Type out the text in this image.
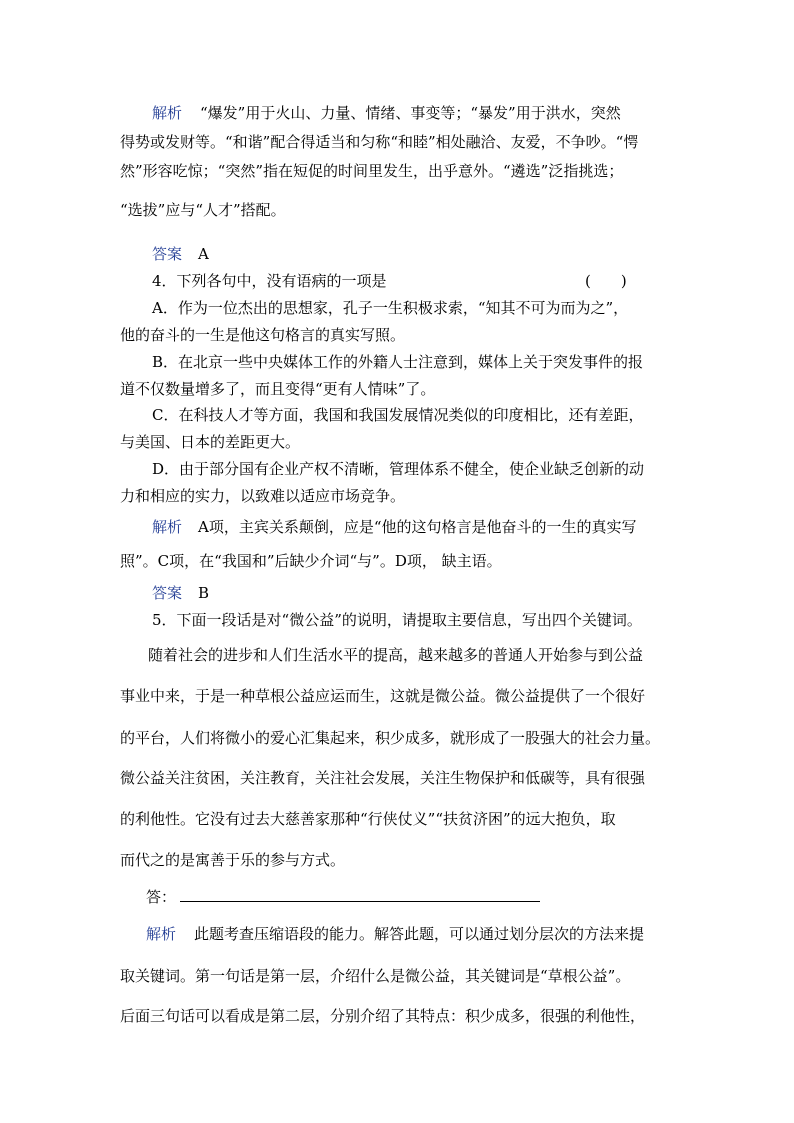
解析 “爆发”用于火山、力量、情绪、事变等；“暴发”用于洪水，突然
得势或发财等。“和谐”配合得适当和匀称“和睦”相处融洽、友爱，不争吵。“愕
然”形容吃惊；“突然”指在短促的时间里发生，出乎意外。“遴选”泛指挑选；
“选拔”应与“人才”搭配。
答案 A
4．下列各句中，没有语病的一项是	(　　)
A．作为一位杰出的思想家，孔子一生积极求索，“知其不可为而为之”，
他的奋斗的一生是他这句格言的真实写照。
B．在北京一些中央媒体工作的外籍人士注意到，媒体上关于突发事件的报
道不仅数量增多了，而且变得“更有人情味”了。
C．在科技人才等方面，我国和我国发展情况类似的印度相比，还有差距，
与美国、日本的差距更大。
D．由于部分国有企业产权不清晰，管理体系不健全，使企业缺乏创新的动
力和相应的实力，以致难以适应市场竞争。
解析 A项，主宾关系颠倒，应是“他的这句格言是他奋斗的一生的真实写
照”。C项，在“我国和”后缺少介词“与”。D项， 缺主语。
答案 B
5．下面一段话是对“微公益”的说明，请提取主要信息，写出四个关键词。
随着社会的进步和人们生活水平的提高，越来越多的普通人开始参与到公益
事业中来，于是一种草根公益应运而生，这就是微公益。微公益提供了一个很好
的平台，人们将微小的爱心汇集起来，积少成多，就形成了一股强大的社会力量。
微公益关注贫困，关注教育，关注社会发展，关注生物保护和低碳等，具有很强
的利他性。它没有过去大慈善家那种“行侠仗义”“扶贫济困”的远大抱负，取
而代之的是寓善于乐的参与方式。
答：
解析 此题考查压缩语段的能力。解答此题，可以通过划分层次的方法来提
取关键词。第一句话是第一层，介绍什么是微公益，其关键词是“草根公益”。
后面三句话可以看成是第二层，分别介绍了其特点：积少成多，很强的利他性，
